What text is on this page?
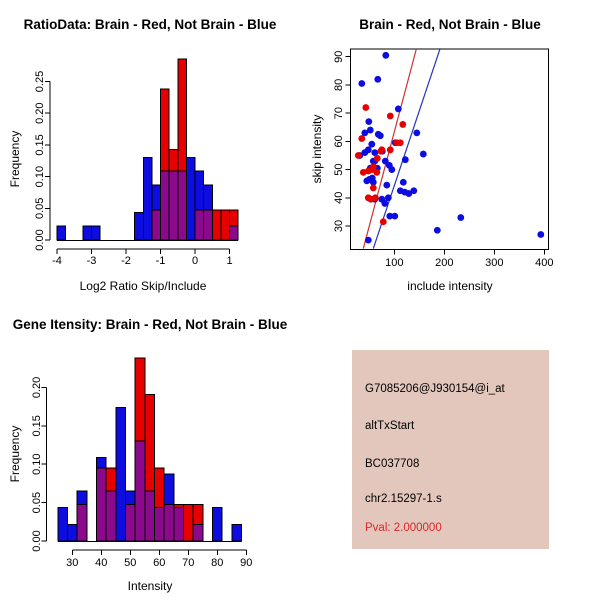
0.00
0.05
0.10
0.15
0.20
0.25
-4 -3 -2 -1 0	1
RatioData: Brain - Red, Not Brain - Blue
Log2 Ratio Skip/Include
Frequency
100	200	300	400
30
40
50
60
70
80
90
Brain - Red, Not Brain - Blue
include intensity
skip intensity
0.00
0.05
0.10
0.15
0.20
30 40 50 60 70 80 90
Gene Itensity: Brain - Red, Not Brain - Blue
Intensity
Frequency
G7085206@J930154@i_at
altTxStart
BC037708
chr2.15297-1.s
Pval: 2.000000
